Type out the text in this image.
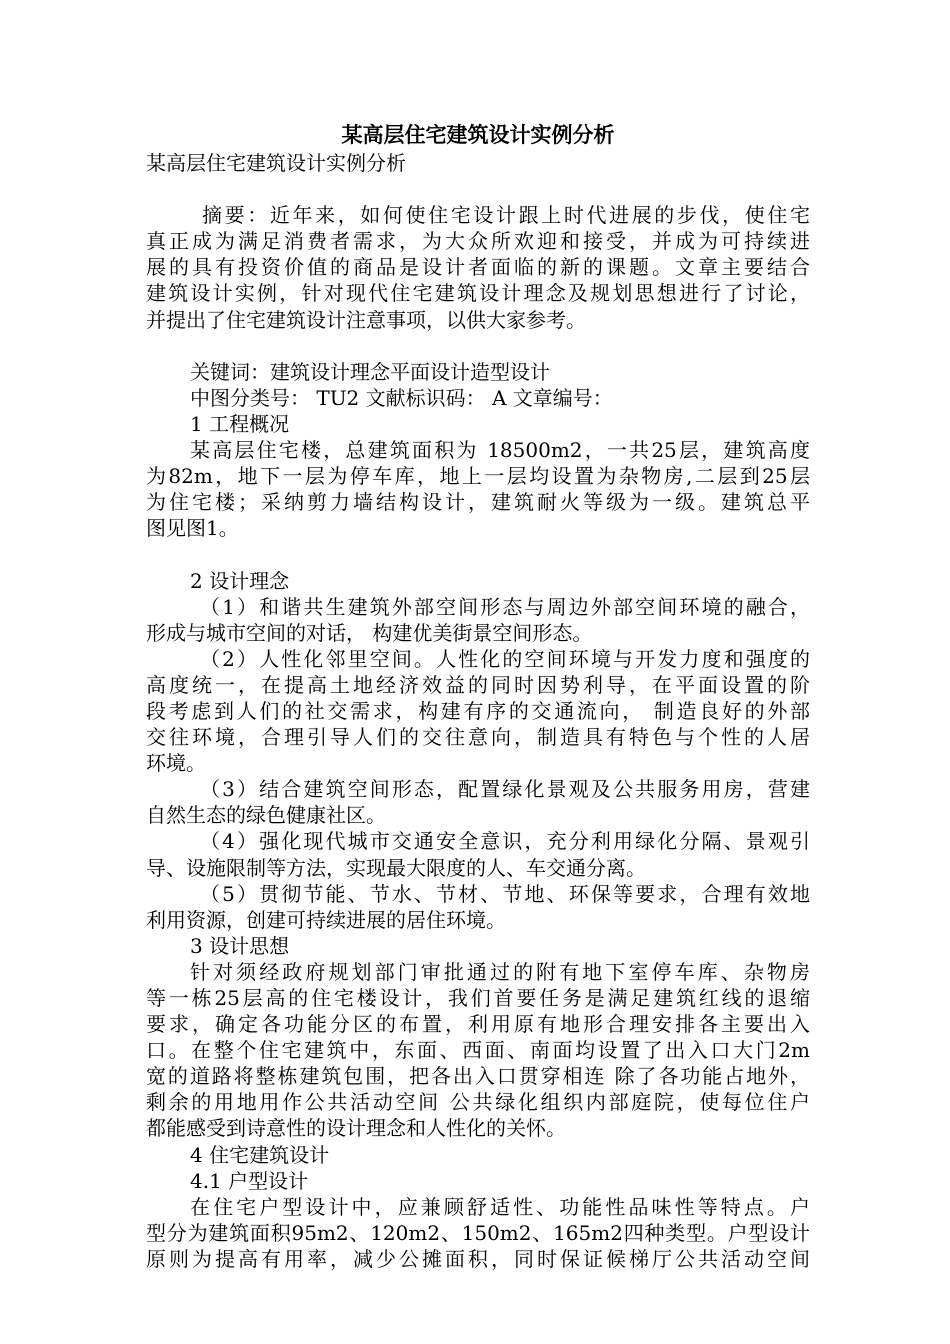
某高层住宅建筑设计实例分析

某高层住宅建筑设计实例分析

摘要：近年来，如何使住宅设计跟上时代进展的步伐，使住宅

真正成为满足消费者需求，为大众所欢迎和接受，并成为可持续进

展的具有投资价值的商品是设计者面临的新的课题。文章主要结合

建筑设计实例，针对现代住宅建筑设计理念及规划思想进行了讨论，

并提出了住宅建筑设计注意事项，以供大家参考。

关键词：建筑设计理念平面设计造型设计

中图分类号： TU2 文献标识码： A 文章编号：

1 工程概况

某高层住宅楼，总建筑面积为 18500m2，一共25层，建筑高度

为82m，地下一层为停车库，地上一层均设置为杂物房,二层到25层

为住宅楼；采纳剪力墙结构设计，建筑耐火等级为一级。建筑总平

图见图1。

2 设计理念

（1）和谐共生建筑外部空间形态与周边外部空间环境的融合，

形成与城市空间的对话， 构建优美街景空间形态。

（2）人性化邻里空间。人性化的空间环境与开发力度和强度的

高度统一，在提高土地经济效益的同时因势利导，在平面设置的阶

段考虑到人们的社交需求，构建有序的交通流向， 制造良好的外部

交往环境，合理引导人们的交往意向，制造具有特色与个性的人居

环境。

（3）结合建筑空间形态，配置绿化景观及公共服务用房，营建

自然生态的绿色健康社区。

（4）强化现代城市交通安全意识，充分利用绿化分隔、景观引

导、设施限制等方法，实现最大限度的人、车交通分离。

（5）贯彻节能、节水、节材、节地、环保等要求，合理有效地

利用资源，创建可持续进展的居住环境。

3 设计思想

针对须经政府规划部门审批通过的附有地下室停车库、杂物房

等一栋25层高的住宅楼设计，我们首要任务是满足建筑红线的退缩

要求，确定各功能分区的布置，利用原有地形合理安排各主要出入

口。在整个住宅建筑中，东面、西面、南面均设置了出入口大门2m

宽的道路将整栋建筑包围，把各出入口贯穿相连 除了各功能占地外，

剩余的用地用作公共活动空间 公共绿化组织内部庭院，使每位住户

都能感受到诗意性的设计理念和人性化的关怀。

4 住宅建筑设计

4.1 户型设计

在住宅户型设计中，应兼顾舒适性、功能性品味性等特点。户

型分为建筑面积95m2、120m2、150m2、165m2四种类型。户型设计

原则为提高有用率，减少公摊面积，同时保证候梯厅公共活动空间
